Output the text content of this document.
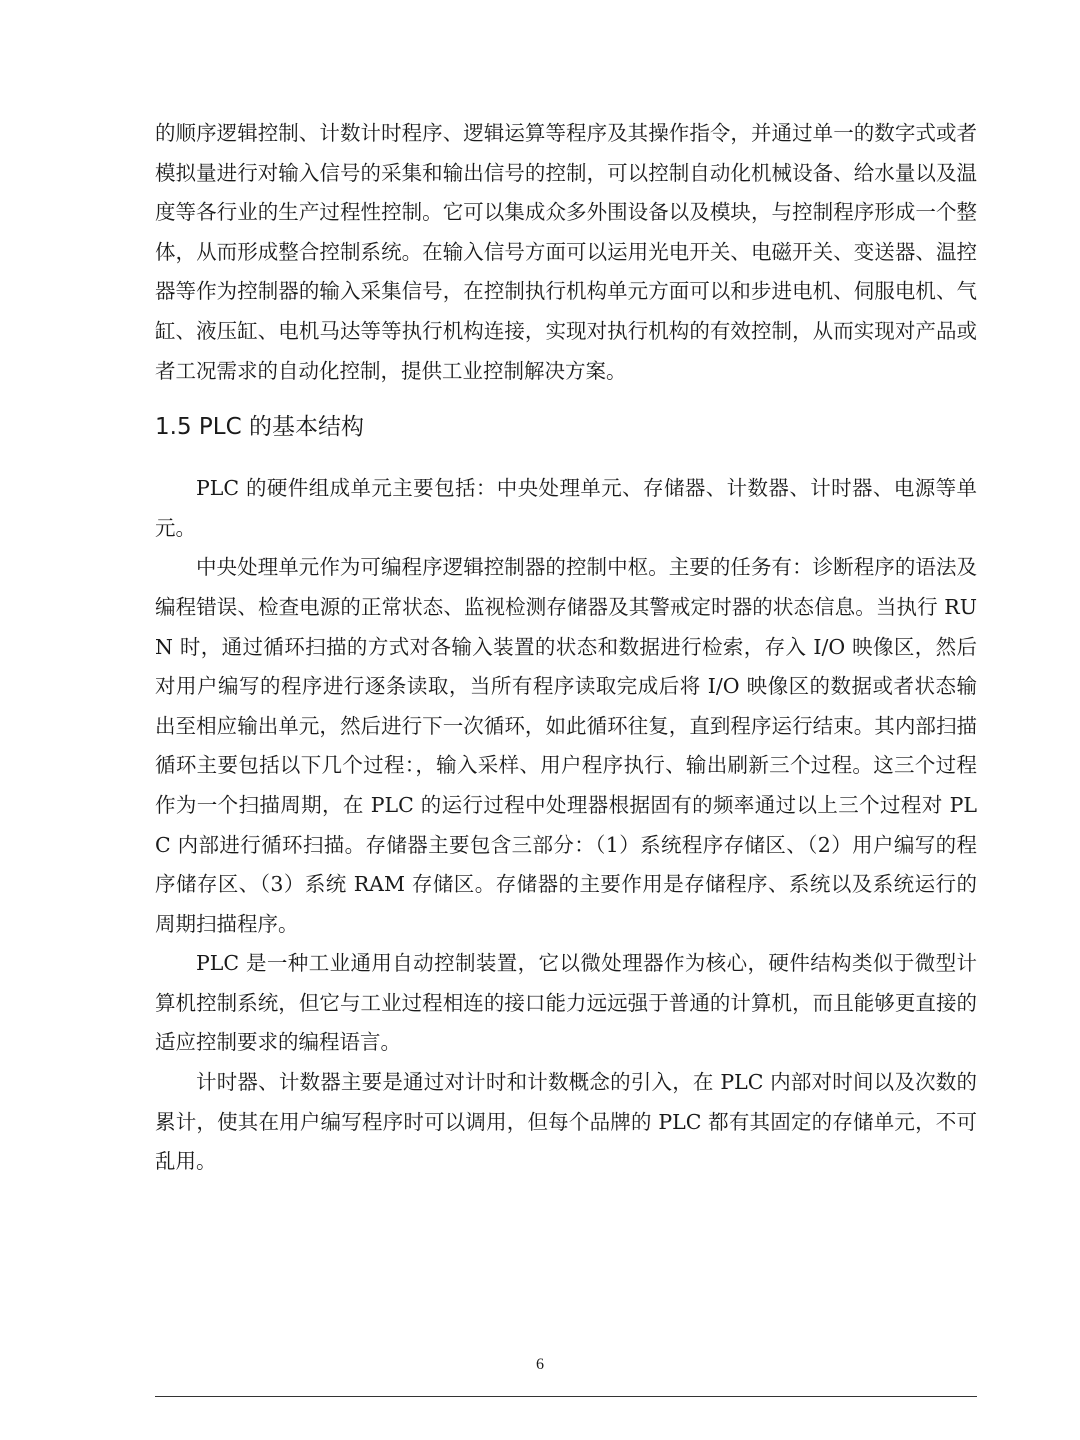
的顺序逻辑控制、计数计时程序、逻辑运算等程序及其操作指令，并通过单一的数字式或者模拟量进行对输入信号的采集和输出信号的控制，可以控制自动化机械设备、给水量以及温度等各行业的生产过程性控制。它可以集成众多外围设备以及模块，与控制程序形成一个整体，从而形成整合控制系统。在输入信号方面可以运用光电开关、电磁开关、变送器、温控器等作为控制器的输入采集信号，在控制执行机构单元方面可以和步进电机、伺服电机、气缸、液压缸、电机马达等等执行机构连接，实现对执行机构的有效控制，从而实现对产品或者工况需求的自动化控制，提供工业控制解决方案。

1.5 PLC 的基本结构

PLC 的硬件组成单元主要包括：中央处理单元、存储器、计数器、计时器、电源等单元。

中央处理单元作为可编程序逻辑控制器的控制中枢。主要的任务有：诊断程序的语法及编程错误、检查电源的正常状态、监视检测存储器及其警戒定时器的状态信息。当执行 RUN 时，通过循环扫描的方式对各输入装置的状态和数据进行检索，存入 I/O 映像区，然后对用户编写的程序进行逐条读取，当所有程序读取完成后将 I/O 映像区的数据或者状态输出至相应输出单元，然后进行下一次循环，如此循环往复，直到程序运行结束。其内部扫描循环主要包括以下几个过程：，输入采样、用户程序执行、输出刷新三个过程。这三个过程作为一个扫描周期，在 PLC 的运行过程中处理器根据固有的频率通过以上三个过程对 PLC 内部进行循环扫描。存储器主要包含三部分：（1）系统程序存储区、（2）用户编写的程序储存区、（3）系统 RAM 存储区。存储器的主要作用是存储程序、系统以及系统运行的周期扫描程序。

PLC 是一种工业通用自动控制装置，它以微处理器作为核心，硬件结构类似于微型计算机控制系统，但它与工业过程相连的接口能力远远强于普通的计算机，而且能够更直接的适应控制要求的编程语言。

计时器、计数器主要是通过对计时和计数概念的引入，在 PLC 内部对时间以及次数的累计，使其在用户编写程序时可以调用，但每个品牌的 PLC 都有其固定的存储单元，不可乱用。

6
